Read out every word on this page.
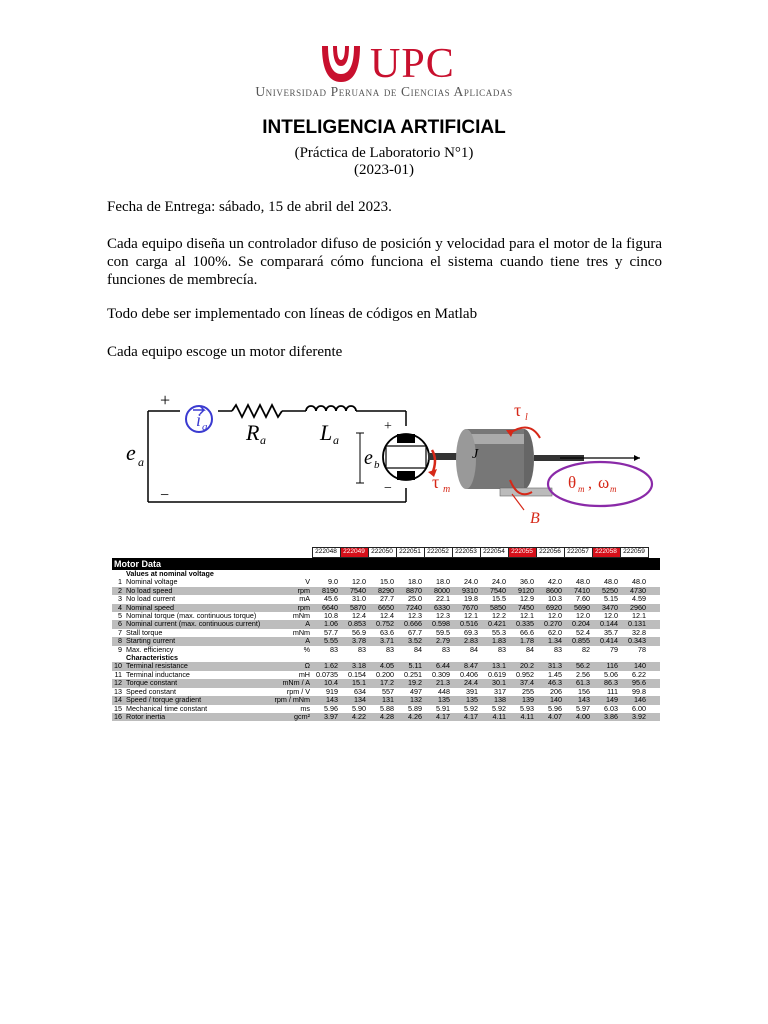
UPC
Universidad Peruana de Ciencias Aplicadas
INTELIGENCIA ARTIFICIAL
(Práctica de Laboratorio N°1)
(2023-01)
Fecha de Entrega: sábado, 15 de abril del 2023.
Cada equipo diseña un controlador difuso de posición y velocidad para el motor de la figura con carga al 100%. Se comparará cómo funciona el sistema cuando tiene tres y cinco funciones de membrecía.
Todo debe ser implementado con líneas de códigos en Matlab
Cada equipo escoge un motor diferente
+
−
e a
i a R a L a
+
−
e b
J
τ l
τ m
B
θ m , ω m
			222048	222049	222050	222051	222052	222053	222054	222055	222056	222057	222058	222059	
Motor Data															
	Values at nominal voltage														
1	Nominal voltage	V	9.0	12.0	15.0	18.0	18.0	24.0	24.0	36.0	42.0	48.0	48.0	48.0	
2	No load speed	rpm	8190	7540	8290	8870	8000	9310	7540	9120	8600	7410	5250	4730	
3	No load current	mA	45.6	31.0	27.7	25.0	22.1	19.8	15.5	12.9	10.3	7.60	5.15	4.59	
4	Nominal speed	rpm	6640	5870	6650	7240	6330	7670	5850	7450	6920	5690	3470	2960	
5	Nominal torque (max. continuous torque)	mNm	10.8	12.4	12.4	12.3	12.3	12.1	12.2	12.1	12.0	12.0	12.0	12.1	
6	Nominal current (max. continuous current)	A	1.06	0.853	0.752	0.666	0.598	0.516	0.421	0.335	0.270	0.204	0.144	0.131	
7	Stall torque	mNm	57.7	56.9	63.6	67.7	59.5	69.3	55.3	66.6	62.0	52.4	35.7	32.8	
8	Starting current	A	5.55	3.78	3.71	3.52	2.79	2.83	1.83	1.78	1.34	0.855	0.414	0.343	
9	Max. efficiency	%	83	83	83	84	83	84	83	84	83	82	79	78	
	Characteristics														
10	Terminal resistance	Ω	1.62	3.18	4.05	5.11	6.44	8.47	13.1	20.2	31.3	56.2	116	140	
11	Terminal inductance	mH	0.0735	0.154	0.200	0.251	0.309	0.406	0.619	0.952	1.45	2.56	5.06	6.22	
12	Torque constant	mNm / A	10.4	15.1	17.2	19.2	21.3	24.4	30.1	37.4	46.3	61.3	86.3	95.6	
13	Speed constant	rpm / V	919	634	557	497	448	391	317	255	206	156	111	99.8	
14	Speed / torque gradient	rpm / mNm	143	134	131	132	135	135	138	139	140	143	149	146	
15	Mechanical time constant	ms	5.96	5.90	5.88	5.89	5.91	5.92	5.92	5.93	5.96	5.97	6.03	6.00	
16	Rotor inertia	gcm²	3.97	4.22	4.28	4.26	4.17	4.17	4.11	4.11	4.07	4.00	3.86	3.92	
